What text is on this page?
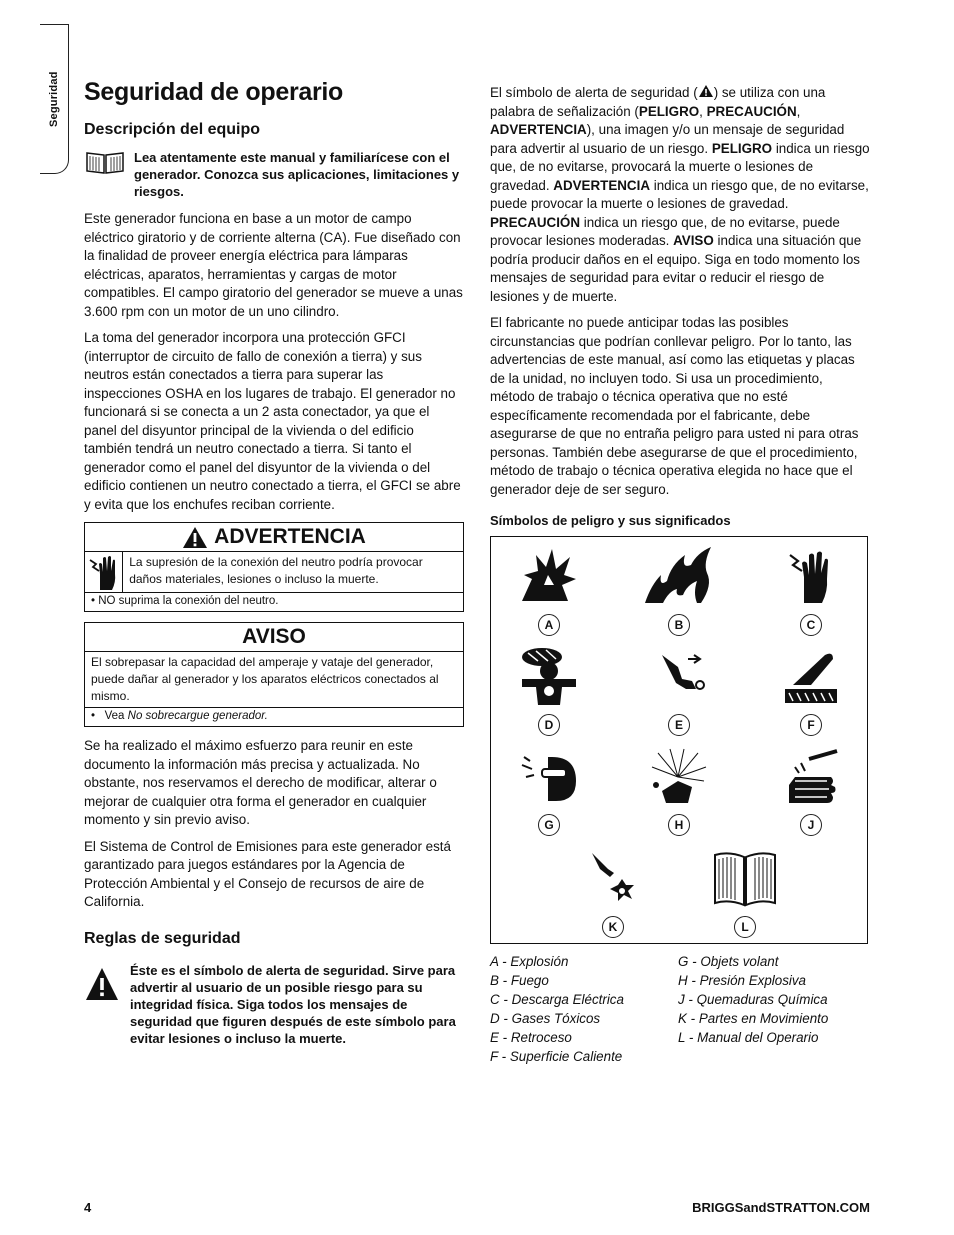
Seguridad Seguridad de operario
Descripción del equipo

Lea atentamente este manual y familiarícese con el generador. Conozca sus aplicaciones, limitaciones y riesgos.

Este generador funciona en base a un motor de campo eléctrico giratorio y de corriente alterna (CA). Fue diseñado con la finalidad de proveer energía eléctrica para lámparas eléctricas, aparatos, herramientas y cargas de motor compatibles. El campo giratorio del generador se mueve a unas 3.600 rpm con un motor de un uno cilindro.

La toma del generador incorpora una protección GFCI (interruptor de circuito de fallo de conexión a tierra) y sus neutros están conectados a tierra para superar las inspecciones OSHA en los lugares de trabajo. El generador no funcionará si se conecta a un 2 asta conectador, ya que el panel del disyuntor principal de la vivienda o del edificio también tendrá un neutro conectado a tierra. Si tanto el generador como el panel del disyuntor de la vivienda o del edificio contienen un neutro conectado a tierra, el GFCI se abre y evita que los enchufes reciban corriente.

ADVERTENCIA
La supresión de la conexión del neutro podría provocar daños materiales, lesiones o incluso la muerte.
• NO suprima la conexión del neutro.
AVISO
El sobrepasar la capacidad del amperaje y vataje del generador, puede dañar al generador y los aparatos eléctricos conectados al mismo.
•   Vea No sobrecargue generador.

Se ha realizado el máximo esfuerzo para reunir en este documento la información más precisa y actualizada. No obstante, nos reservamos el derecho de modificar, alterar o mejorar de cualquier otra forma el generador en cualquier momento y sin previo aviso.

El Sistema de Control de Emisiones para este generador está garantizado para juegos estándares por la Agencia de Protección Ambiental y el Consejo de recursos de aire de California.

Reglas de seguridad

Éste es el símbolo de alerta de seguridad. Sirve para advertir al usuario de un posible riesgo para su integridad física. Siga todos los mensajes de seguridad que figuren después de este símbolo para evitar lesiones o incluso la muerte.

El símbolo de alerta de seguridad ( ) se utiliza con una palabra de señalización (PELIGRO, PRECAUCIÓN, ADVERTENCIA), una imagen y/o un mensaje de seguridad para advertir al usuario de un riesgo. PELIGRO indica un riesgo que, de no evitarse, provocará la muerte o lesiones de gravedad. ADVERTENCIA indica un riesgo que, de no evitarse, puede provocar la muerte o lesiones de gravedad. PRECAUCIÓN indica un riesgo que, de no evitarse, puede provocar lesiones moderadas. AVISO indica una situación que podría producir daños en el equipo. Siga en todo momento los mensajes de seguridad para evitar o reducir el riesgo de lesiones y de muerte.

El fabricante no puede anticipar todas las posibles circunstancias que podrían conllevar peligro. Por lo tanto, las advertencias de este manual, así como las etiquetas y placas de la unidad, no incluyen todo. Si usa un procedimiento, método de trabajo o técnica operativa que no esté específicamente recomendada por el fabricante, debe asegurarse de que no entraña peligro para usted ni para otras personas. También debe asegurarse de que el procedimiento, método de trabajo o técnica operativa elegida no hace que el generador deje de ser seguro.

Símbolos de peligro y sus significados
A	B	C
D	E	F
G	H	J
K	L
A - Explosión
B - Fuego
C - Descarga Eléctrica
D - Gases Tóxicos
E - Retroceso
F - Superficie Caliente
G - Objets volant
H - Presión Explosiva
J - Quemaduras Química
K - Partes en Movimiento
L - Manual del Operario
4	BRIGGSandSTRATTON.COM
